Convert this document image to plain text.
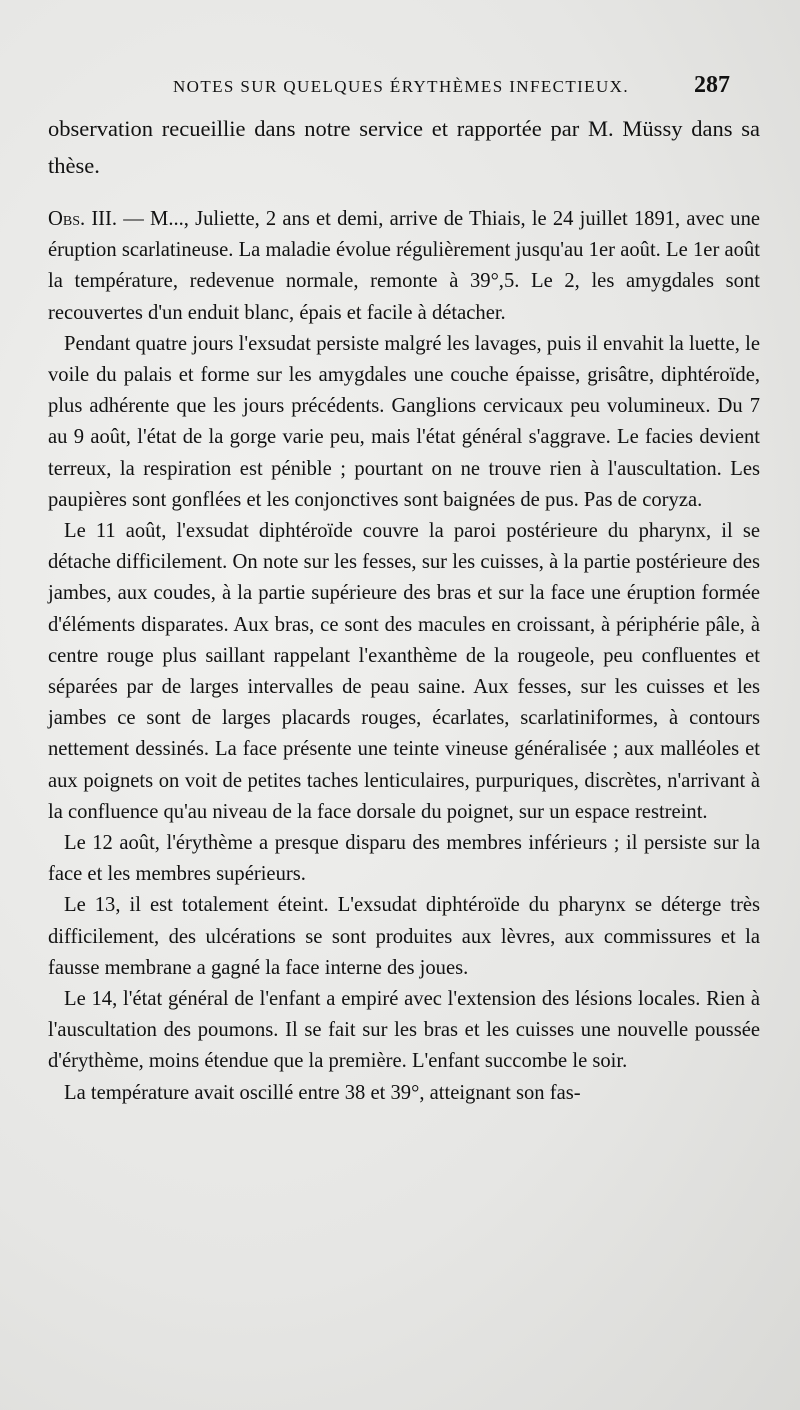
NOTES SUR QUELQUES ÉRYTHÈMES INFECTIEUX.	287

observation recueillie dans notre service et rapportée par M. Müssy dans sa thèse.

Obs. III. — M..., Juliette, 2 ans et demi, arrive de Thiais, le 24 juillet 1891, avec une éruption scarlatineuse. La maladie évolue régulièrement jusqu'au 1er août. Le 1er août la température, redevenue normale, remonte à 39°,5. Le 2, les amygdales sont recouvertes d'un enduit blanc, épais et facile à détacher.

Pendant quatre jours l'exsudat persiste malgré les lavages, puis il envahit la luette, le voile du palais et forme sur les amygdales une couche épaisse, grisâtre, diphtéroïde, plus adhérente que les jours précédents. Ganglions cervicaux peu volumineux. Du 7 au 9 août, l'état de la gorge varie peu, mais l'état général s'aggrave. Le facies devient terreux, la respiration est pénible ; pourtant on ne trouve rien à l'auscultation. Les paupières sont gonflées et les conjonctives sont baignées de pus. Pas de coryza.

Le 11 août, l'exsudat diphtéroïde couvre la paroi postérieure du pharynx, il se détache difficilement. On note sur les fesses, sur les cuisses, à la partie postérieure des jambes, aux coudes, à la partie supérieure des bras et sur la face une éruption formée d'éléments disparates. Aux bras, ce sont des macules en croissant, à périphérie pâle, à centre rouge plus saillant rappelant l'exanthème de la rougeole, peu confluentes et séparées par de larges intervalles de peau saine. Aux fesses, sur les cuisses et les jambes ce sont de larges placards rouges, écarlates, scarlatiniformes, à contours nettement dessinés. La face présente une teinte vineuse généralisée ; aux malléoles et aux poignets on voit de petites taches lenticulaires, purpuriques, discrètes, n'arrivant à la confluence qu'au niveau de la face dorsale du poignet, sur un espace restreint.

Le 12 août, l'érythème a presque disparu des membres inférieurs ; il persiste sur la face et les membres supérieurs.

Le 13, il est totalement éteint. L'exsudat diphtéroïde du pharynx se déterge très difficilement, des ulcérations se sont produites aux lèvres, aux commissures et la fausse membrane a gagné la face interne des joues.

Le 14, l'état général de l'enfant a empiré avec l'extension des lésions locales. Rien à l'auscultation des poumons. Il se fait sur les bras et les cuisses une nouvelle poussée d'érythème, moins étendue que la première. L'enfant succombe le soir.

La température avait oscillé entre 38 et 39°, atteignant son fas-
